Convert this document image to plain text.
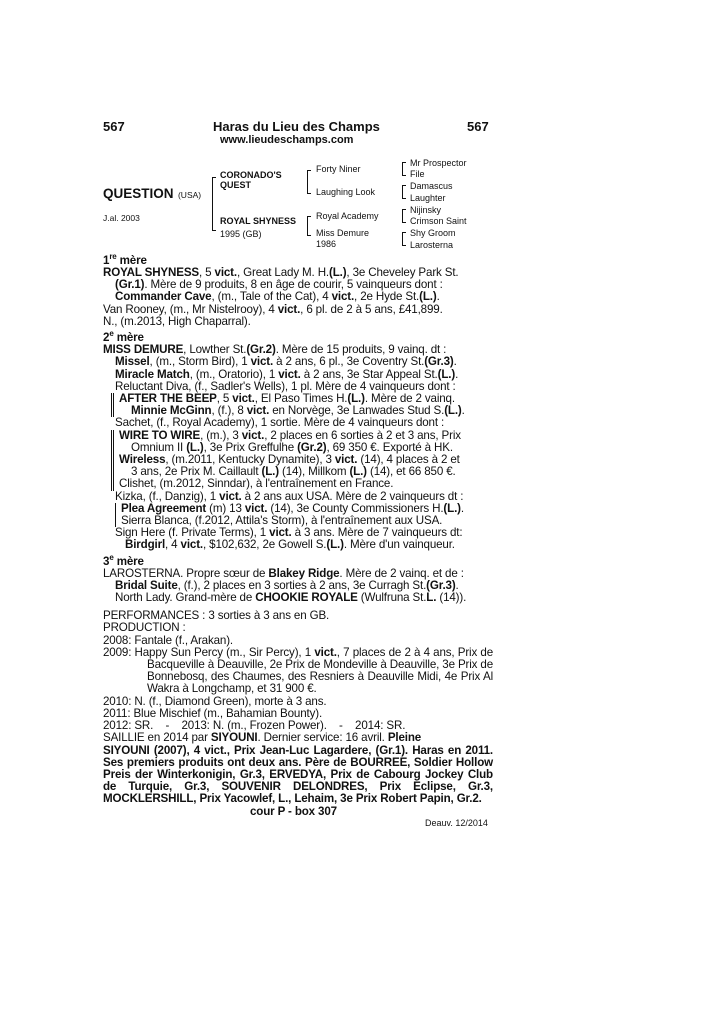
567	Haras du Lieu des Champs	567
www.lieudeschamps.com
QUESTION (USA)
J.al. 2003
CORONADO'S
QUEST
ROYAL SHYNESS
1995 (GB)
Forty Niner
Laughing Look
Royal Academy
Miss Demure
1986
Mr Prospector
File
Damascus
Laughter
Nijinsky
Crimson Saint
Shy Groom
Larosterna

1re mère

ROYAL SHYNESS, 5 vict., Great Lady M. H.(L.), 3e Cheveley Park St.

(Gr.1). Mère de 9 produits, 8 en âge de courir, 5 vainqueurs dont :

Commander Cave, (m., Tale of the Cat), 4 vict., 2e Hyde St.(L.).

Van Rooney, (m., Mr Nistelrooy), 4 vict., 6 pl. de 2 à 5 ans, £41,899.

N., (m.2013, High Chaparral).

2e mère

MISS DEMURE, Lowther St.(Gr.2). Mère de 15 produits, 9 vainq. dt :

Missel, (m., Storm Bird), 1 vict. à 2 ans, 6 pl., 3e Coventry St.(Gr.3).

Miracle Match, (m., Oratorio), 1 vict. à 2 ans, 3e Star Appeal St.(L.).

Reluctant Diva, (f., Sadler's Wells), 1 pl. Mère de 4 vainqueurs dont :

AFTER THE BEEP, 5 vict., El Paso Times H.(L.). Mère de 2 vainq.

Minnie McGinn, (f.), 8 vict. en Norvège, 3e Lanwades Stud S.(L.).

Sachet, (f., Royal Academy), 1 sortie. Mère de 4 vainqueurs dont :

WIRE TO WIRE, (m.), 3 vict., 2 places en 6 sorties à 2 et 3 ans, Prix

Omnium II (L.), 3e Prix Greffulhe (Gr.2), 69 350 €. Exporté à HK.

Wireless, (m.2011, Kentucky Dynamite), 3 vict. (14), 4 places à 2 et

3 ans, 2e Prix M. Caillault (L.) (14), Millkom (L.) (14), et 66 850 €.

Clishet, (m.2012, Sinndar), à l'entraînement en France.

Kizka, (f., Danzig), 1 vict. à 2 ans aux USA. Mère de 2 vainqueurs dt :

Plea Agreement (m) 13 vict. (14), 3e County Commissioners H.(L.).

Sierra Blanca, (f.2012, Attila's Storm), à l'entraînement aux USA.

Sign Here (f. Private Terms), 1 vict. à 3 ans. Mère de 7 vainqueurs dt:

Birdgirl, 4 vict., $102,632, 2e Gowell S.(L.). Mère d'un vainqueur.

3e mère

LAROSTERNA. Propre sœur de Blakey Ridge. Mère de 2 vainq. et de :

Bridal Suite, (f.), 2 places en 3 sorties à 2 ans, 3e Curragh St.(Gr.3).

North Lady. Grand-mère de CHOOKIE ROYALE (Wulfruna St.L. (14)).

PERFORMANCES : 3 sorties à 3 ans en GB.

PRODUCTION :

2008: Fantale (f., Arakan).

2009: Happy Sun Percy (m., Sir Percy), 1 vict., 7 places de 2 à 4 ans, Prix de Bacqueville à Deauville, 2e Prix de Mondeville à Deauville, 3e Prix de Bonnebosq, des Chaumes, des Resniers à Deauville Midi, 4e Prix Al Wakra à Longchamp, et 31 900 €.

2010: N. (f., Diamond Green), morte à 3 ans.

2011: Blue Mischief (m., Bahamian Bounty).

2012: SR.    -    2013: N. (m., Frozen Power).    -    2014: SR.

SAILLIE en 2014 par SIYOUNI. Dernier service: 16 avril. Pleine

SIYOUNI (2007), 4 vict., Prix Jean-Luc Lagardere, (Gr.1). Haras en 2011. Ses premiers produits ont deux ans. Père de BOURREE, Soldier Hollow Preis der Winterkonigin, Gr.3, ERVEDYA, Prix de Cabourg Jockey Club de Turquie, Gr.3, SOUVENIR DELONDRES, Prix Eclipse, Gr.3, MOCKLERSHILL, Prix Yacowlef, L., Lehaim, 3e Prix Robert Papin, Gr.2.

cour P - box 307

Deauv. 12/2014
